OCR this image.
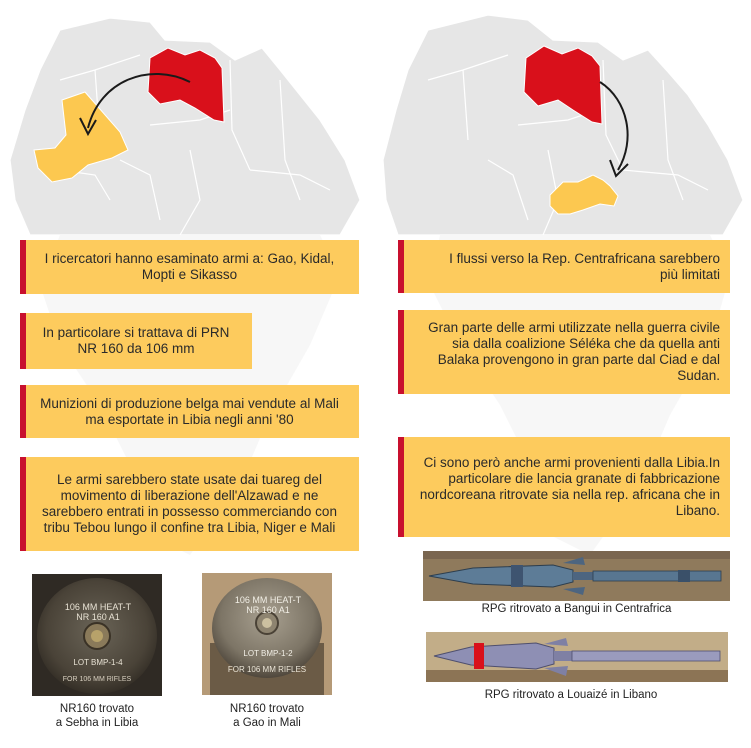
I ricercatori hanno esaminato armi a: Gao, Kidal, Mopti e Sikasso
In particolare si trattava di PRN NR 160 da 106 mm
Munizioni di produzione belga mai vendute al Mali ma esportate in Libia negli anni '80
Le armi sarebbero state usate dai tuareg del movimento di liberazione dell'Alzawad e ne sarebbero entrati in possesso commerciando con tribu Tebou lungo il confine tra Libia, Niger e Mali
I flussi verso la Rep. Centrafricana sarebbero più limitati
Gran parte delle armi utilizzate nella guerra civile sia dalla coalizione Séléka che da quella anti Balaka provengono in gran parte dal Ciad e dal Sudan.
Ci sono però anche armi provenienti dalla Libia.In particolare die lancia granate di fabbricazione nordcoreana ritrovate sia nella rep. africana che in Libano.
106 MM HEAT-T
NR 160 A1
LOT BMP-1-4
FOR 106 MM RIFLES
NR160 trovato
a Sebha in Libia
106 MM HEAT-T
NR 160 A1
LOT BMP-1-2
FOR 106 MM RIFLES
NR160 trovato
a Gao in Mali
RPG ritrovato a Bangui in Centrafrica
RPG ritrovato a Louaizé in Libano
